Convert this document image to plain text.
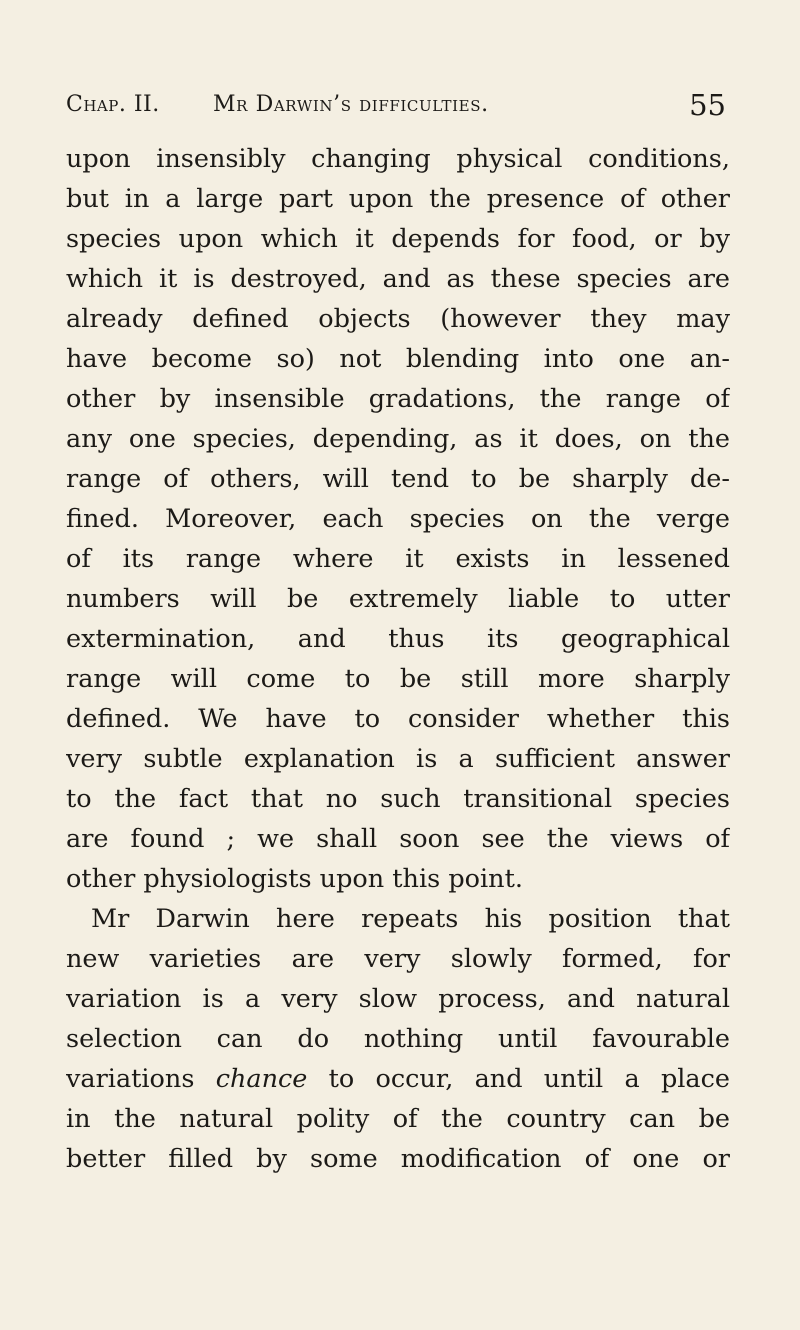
Chap. II. Mr Darwin’s difficulties.	55
upon insensibly changing physical conditions,
but in a large part upon the presence of other
species upon which it depends for food, or by
which it is destroyed, and as these species are
already defined objects (however they may
have become so) not blending into one an-
other by insensible gradations, the range of
any one species, depending, as it does, on the
range of others, will tend to be sharply de-
fined. Moreover, each species on the verge
of its range where it exists in lessened
numbers will be extremely liable to utter
extermination, and thus its geographical
range will come to be still more sharply
defined. We have to consider whether this
very subtle explanation is a sufficient answer
to the fact that no such transitional species
are found ; we shall soon see the views of
other physiologists upon this point.
Mr Darwin here repeats his position that
new varieties are very slowly formed, for
variation is a very slow process, and natural
selection can do nothing until favourable
variations chance to occur, and until a place
in the natural polity of the country can be
better filled by some modification of one or
